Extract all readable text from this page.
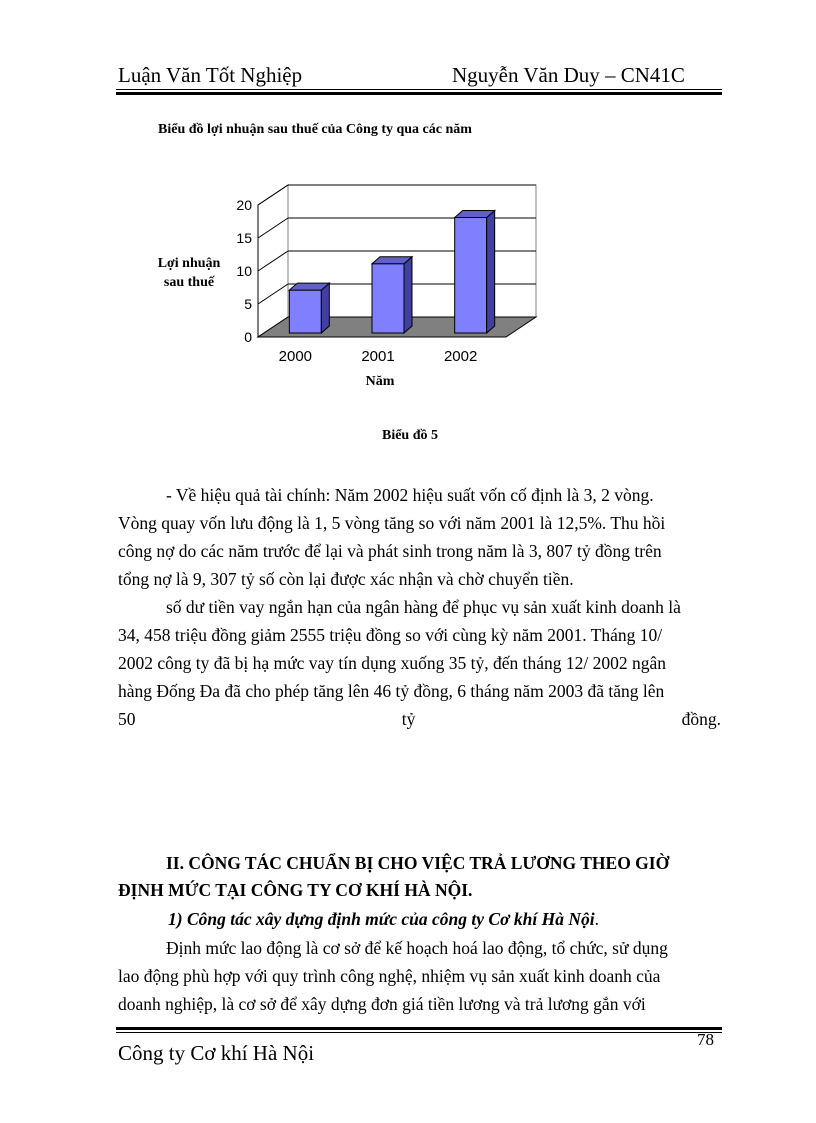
Luận Văn Tốt Nghiệp	Nguyễn Văn Duy – CN41C
Biểu đồ lợi nhuận sau thuế của Công ty qua các năm
Lợi nhuận
sau thuế
0
5
10
15
20
2000	2001	2002
Năm
Biểu đồ 5
- Về hiệu quả tài chính: Năm 2002 hiệu suất vốn cố định là 3, 2 vòng.
Vòng quay vốn lưu động là 1, 5 vòng tăng so với năm 2001 là 12,5%. Thu hồi
công nợ do các năm trước để lại và phát sinh trong năm là 3, 807 tỷ đồng trên
tổng nợ là 9, 307 tỷ số còn lại được xác nhận và chờ chuyển tiền.
số dư tiền vay ngắn hạn của ngân hàng để phục vụ sản xuất kinh doanh là
34, 458 triệu đồng giảm 2555 triệu đồng so với cùng kỳ năm 2001. Tháng 10/
2002 công ty đã bị hạ mức vay tín dụng xuống 35 tỷ, đến tháng 12/ 2002 ngân
hàng Đống Đa đã cho phép tăng lên 46 tỷ đồng, 6 tháng năm 2003 đã tăng lên
50	tỷ	đồng.
II. CÔNG TÁC CHUẨN BỊ CHO VIỆC TRẢ LƯƠNG THEO GIỜ
ĐỊNH MỨC TẠI CÔNG TY CƠ KHÍ HÀ NỘI.
1) Công tác xây dựng định mức của công ty Cơ khí Hà Nội.
Định mức lao động là cơ sở để kế hoạch hoá lao động, tổ chức, sử dụng
lao động phù hợp với quy trình công nghệ, nhiệm vụ sản xuất kinh doanh của
doanh nghiệp, là cơ sở để xây dựng đơn giá tiền lương và trả lương gắn với
Công ty Cơ khí Hà Nội
78
